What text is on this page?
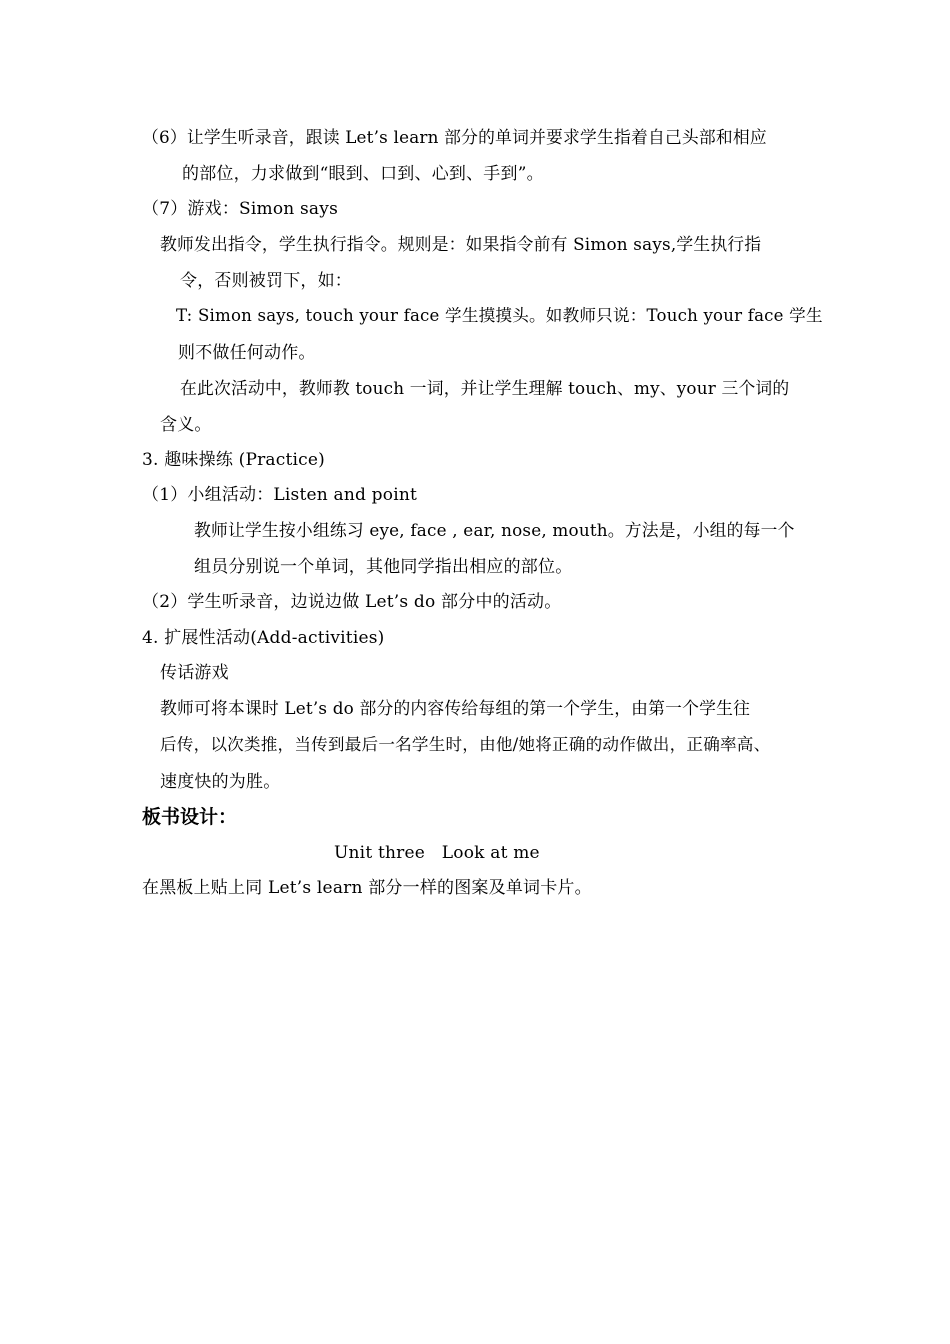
（6）让学生听录音，跟读 Let’s learn 部分的单词并要求学生指着自己头部和相应
的部位，力求做到“眼到、口到、心到、手到”。
（7）游戏：Simon says
教师发出指令，学生执行指令。规则是：如果指令前有 Simon says,学生执行指
令，否则被罚下，如：
T: Simon says, touch your face 学生摸摸头。如教师只说：Touch your face 学生
则不做任何动作。
在此次活动中，教师教 touch 一词，并让学生理解 touch、my、your 三个词的
含义。
3. 趣味操练 (Practice)
（1）小组活动：Listen and point
教师让学生按小组练习 eye, face , ear, nose, mouth。方法是，小组的每一个
组员分别说一个单词，其他同学指出相应的部位。
（2）学生听录音，边说边做 Let’s do 部分中的活动。
4. 扩展性活动(Add-activities)
传话游戏
教师可将本课时 Let’s do 部分的内容传给每组的第一个学生，由第一个学生往
后传，以次类推，当传到最后一名学生时，由他/她将正确的动作做出，正确率高、
速度快的为胜。
板书设计：
Unit three   Look at me
在黑板上贴上同 Let’s learn 部分一样的图案及单词卡片。
